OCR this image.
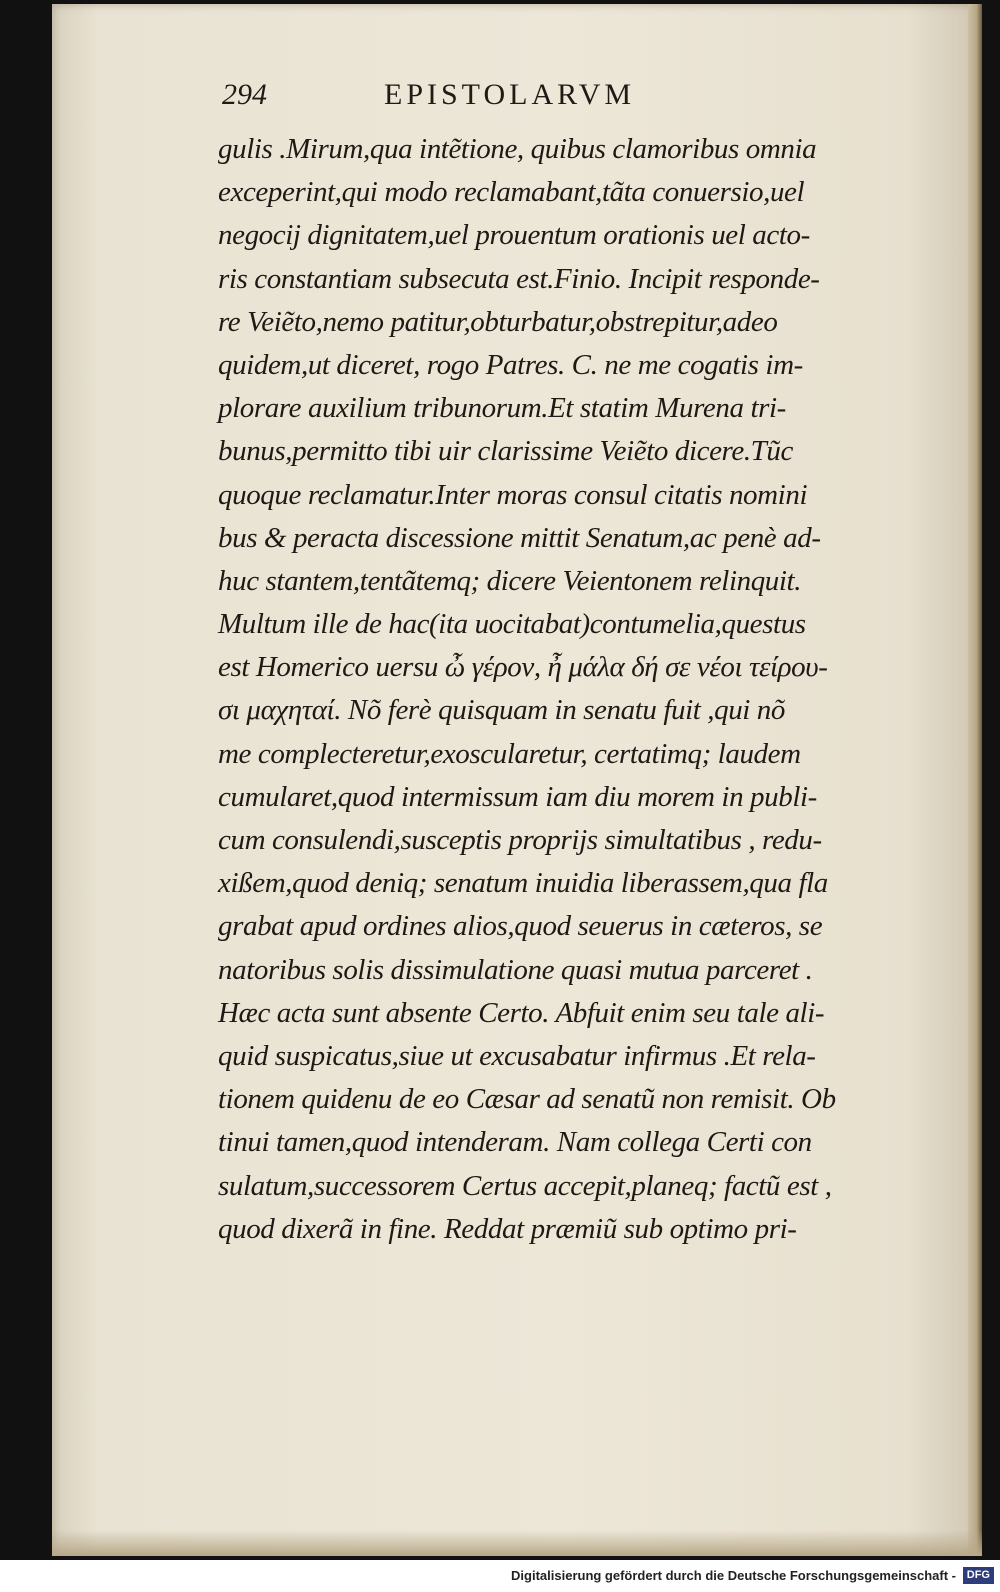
294	EPISTOLARVM
gulis .Mirum,qua intẽtione, quibus clamoribus omnia
exceperint,qui modo reclamabant,tãta conuersio,uel
negocij dignitatem,uel prouentum orationis uel acto-
ris constantiam subsecuta est.Finio. Incipit responde-
re Veiẽto,nemo patitur,obturbatur,obstrepitur,adeo
quidem,ut diceret, rogo Patres. C. ne me cogatis im-
plorare auxilium tribunorum.Et statim Murena tri-
bunus,permitto tibi uir clarissime Veiẽto dicere.Tũc
quoque reclamatur.Inter moras consul citatis nomini
bus & peracta discessione mittit Senatum,ac penè ad-
huc stantem,tentãtemq; dicere Veientonem relinquit.
Multum ille de hac(ita uocitabat)contumelia,questus
est Homerico uersu ὦ γέρον, ἦ μάλα δή σε νέοι τείρου-
σι μαχηταί. Nõ ferè quisquam in senatu fuit ,qui nõ
me complecteretur,exoscularetur, certatimq; laudem
cumularet,quod intermissum iam diu morem in publi-
cum consulendi,susceptis proprijs simultatibus , redu-
xißem,quod deniq; senatum inuidia liberassem,qua fla
grabat apud ordines alios,quod seuerus in cæteros, se
natoribus solis dissimulatione quasi mutua parceret .
Hæc acta sunt absente Certo. Abfuit enim seu tale ali-
quid suspicatus,siue ut excusabatur infirmus .Et rela-
tionem quidenu de eo Cæsar ad senatũ non remisit. Ob
tinui tamen,quod intenderam. Nam collega Certi con
sulatum,successorem Certus accepit,planeq; factũ est ,
quod dixerã in fine. Reddat præmiũ sub optimo pri-
Digitalisierung gefördert durch die Deutsche Forschungsgemeinschaft - DFG
